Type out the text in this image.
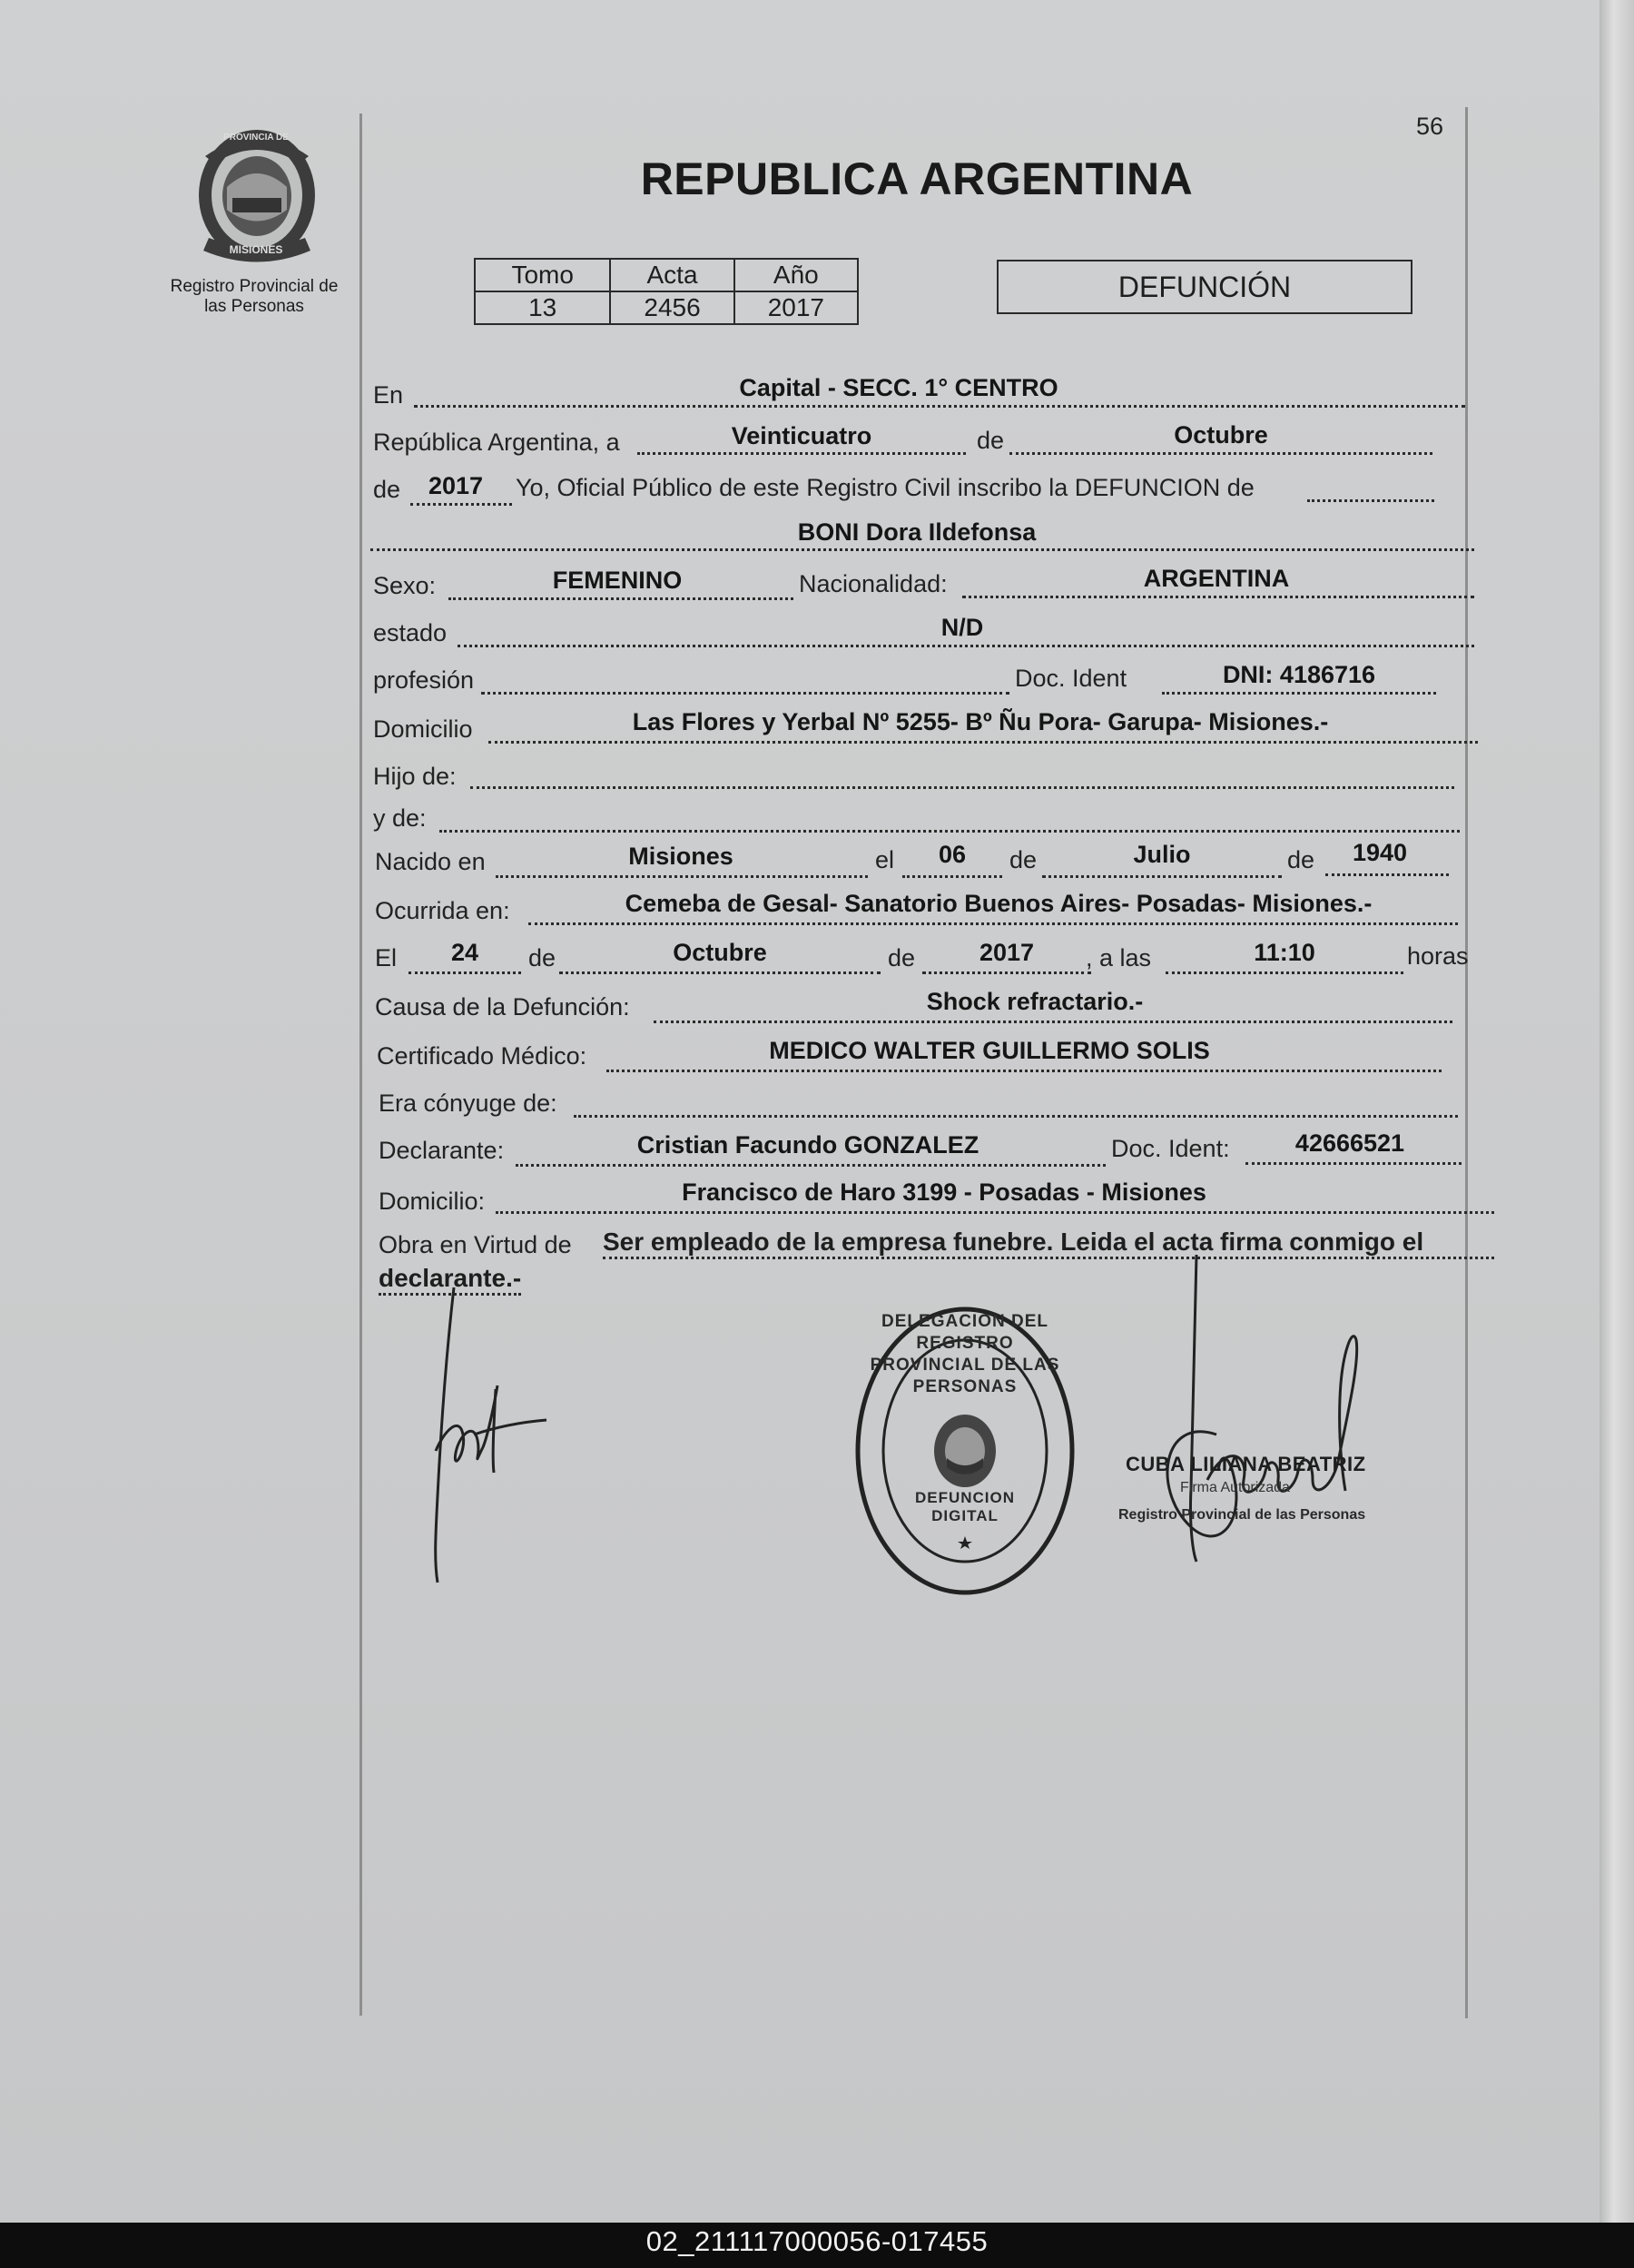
PROVINCIA DE
MISIONES
Registro Provincial de
las Personas
56
REPUBLICA ARGENTINA
Tomo	Acta	Año
13	2456	2017
DEFUNCIÓN
En	Capital - SECC. 1° CENTRO
República Argentina, a	Veinticuatro	de	Octubre
de	2017	Yo, Oficial Público de este Registro Civil inscribo la DEFUNCION de
BONI Dora Ildefonsa
Sexo:	FEMENINO	Nacionalidad:	ARGENTINA
estado	N/D
profesión	Doc. Ident	DNI: 4186716
Domicilio	Las Flores y Yerbal Nº 5255- Bº Ñu Pora- Garupa- Misiones.-
Hijo de:
y de:
Nacido en	Misiones	el	06	de	Julio	de	1940
Ocurrida en:	Cemeba de Gesal- Sanatorio Buenos Aires- Posadas- Misiones.-
El	24	de	Octubre	de	2017	, a las	11:10	horas
Causa de la Defunción:	Shock refractario.-
Certificado Médico:	MEDICO WALTER GUILLERMO SOLIS
Era cónyuge de:
Declarante:	Cristian Facundo GONZALEZ	Doc. Ident:	42666521
Domicilio:	Francisco de Haro 3199 - Posadas - Misiones
Obra en Virtud de Ser empleado de la empresa funebre. Leida el acta firma conmigo el
declarante.-
DELEGACION DEL REGISTRO PROVINCIAL DE LAS PERSONAS
DEFUNCION DIGITAL
CUBA LILIANA BEATRIZ
Firma Autorizada
Registro Provincial de las Personas
02_211117000056-017455
